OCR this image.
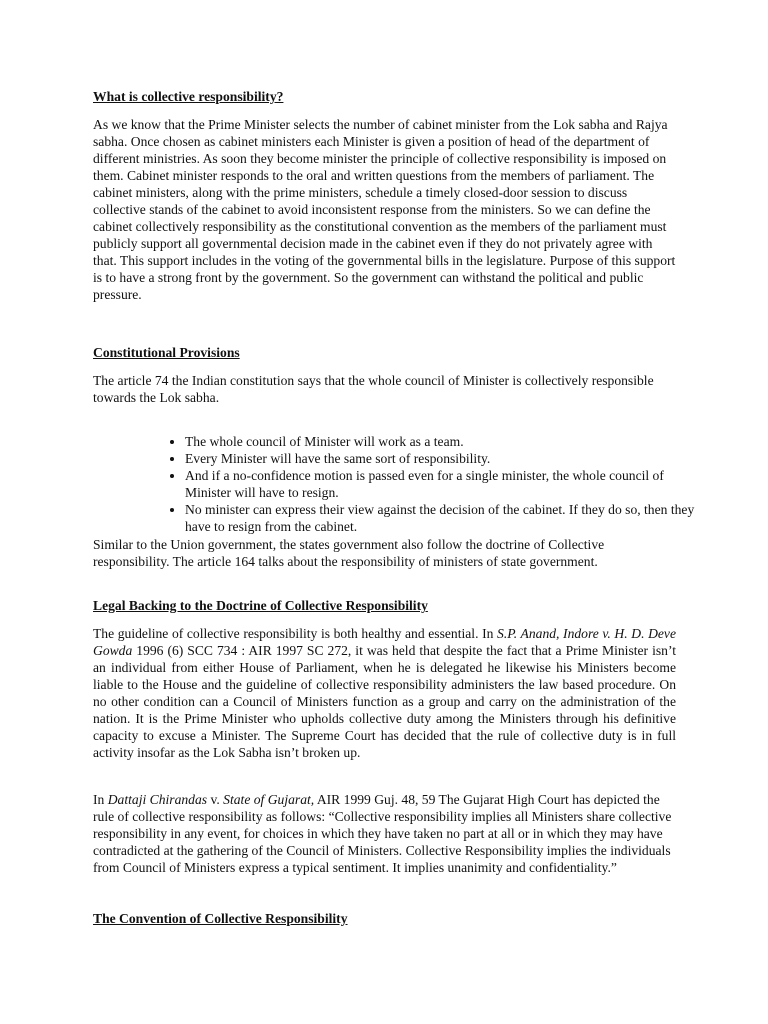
What is collective responsibility?

As we know that the Prime Minister selects the number of cabinet minister from the Lok sabha and Rajya sabha. Once chosen as cabinet ministers each Minister is given a position of head of the department of different ministries. As soon they become minister the principle of collective responsibility is imposed on them. Cabinet minister responds to the oral and written questions from the members of parliament. The cabinet ministers, along with the prime ministers, schedule a timely closed-door session to discuss collective stands of the cabinet to avoid inconsistent response from the ministers. So we can define the cabinet collectively responsibility as the constitutional convention as the members of the parliament must publicly support all governmental decision made in the cabinet even if they do not privately agree with that. This support includes in the voting of the governmental bills in the legislature. Purpose of this support is to have a strong front by the government. So the government can withstand the political and public pressure.

Constitutional Provisions

The article 74 the Indian constitution says that the whole council of Minister is collectively responsible towards the Lok sabha.

• The whole council of Minister will work as a team.
• Every Minister will have the same sort of responsibility.
• And if a no-confidence motion is passed even for a single minister, the whole council of Minister will have to resign.
• No minister can express their view against the decision of the cabinet. If they do so, then they have to resign from the cabinet.

Similar to the Union government, the states government also follow the doctrine of Collective responsibility. The article 164 talks about the responsibility of ministers of state government.

Legal Backing to the Doctrine of Collective Responsibility

The guideline of collective responsibility is both healthy and essential. In S.P. Anand, Indore v. H. D. Deve Gowda 1996 (6) SCC 734 : AIR 1997 SC 272, it was held that despite the fact that a Prime Minister isn’t an individual from either House of Parliament, when he is delegated he likewise his Ministers become liable to the House and the guideline of collective responsibility administers the law based procedure. On no other condition can a Council of Ministers function as a group and carry on the administration of the nation. It is the Prime Minister who upholds collective duty among the Ministers through his definitive capacity to excuse a Minister. The Supreme Court has decided that the rule of collective duty is in full activity insofar as the Lok Sabha isn’t broken up.

In Dattaji Chirandas v. State of Gujarat, AIR 1999 Guj. 48, 59 The Gujarat High Court has depicted the rule of collective responsibility as follows: “Collective responsibility implies all Ministers share collective responsibility in any event, for choices in which they have taken no part at all or in which they may have contradicted at the gathering of the Council of Ministers. Collective Responsibility implies the individuals from Council of Ministers express a typical sentiment. It implies unanimity and confidentiality.”

The Convention of Collective Responsibility
